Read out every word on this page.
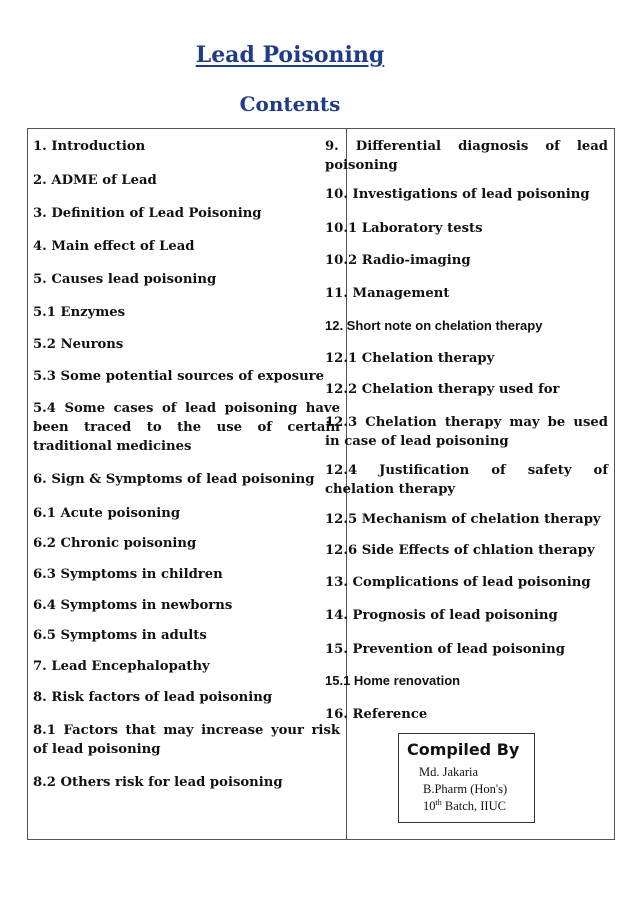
Lead Poisoning
Contents
1. Introduction
2. ADME of Lead
3. Definition of Lead Poisoning
4. Main effect of Lead
5. Causes lead poisoning
5.1 Enzymes
5.2 Neurons
5.3 Some potential sources of exposure
5.4 Some cases of lead poisoning have been traced to the use of certain traditional medicines
6. Sign & Symptoms of lead poisoning
6.1 Acute poisoning
6.2 Chronic poisoning
6.3 Symptoms in children
6.4 Symptoms in newborns
6.5 Symptoms in adults
7. Lead Encephalopathy
8. Risk factors of lead poisoning
8.1 Factors that may increase your risk of lead poisoning
8.2 Others risk for lead poisoning
9. Differential diagnosis of lead poisoning
10. Investigations of lead poisoning
10.1 Laboratory tests
10.2 Radio-imaging
11. Management
12. Short note on chelation therapy
12.1 Chelation therapy
12.2 Chelation therapy used for
12.3 Chelation therapy may be used in case of lead poisoning
12.4 Justification of safety of chelation therapy
12.5 Mechanism of chelation therapy
12.6 Side Effects of chlation therapy
13. Complications of lead poisoning
14. Prognosis of lead poisoning
15. Prevention of lead poisoning
15.1 Home renovation
16. Reference
Compiled By
Md. Jakaria
B.Pharm (Hon's)
10th Batch, IIUC
